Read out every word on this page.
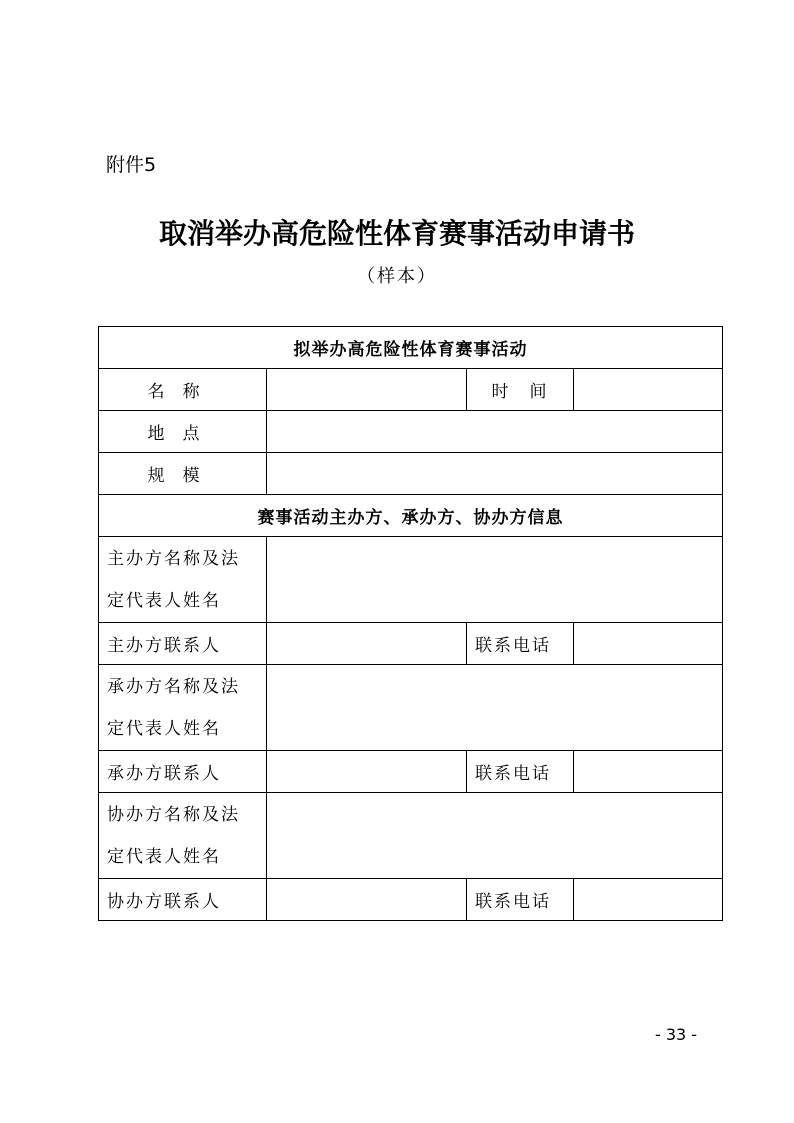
附件5
取消举办高危险性体育赛事活动申请书
（样本）
拟举办高危险性体育赛事活动			
名称		时　间	
地点			
规模			
赛事活动主办方、承办方、协办方信息			
主办方名称及法定代表人姓名			
主办方联系人		联系电话	
承办方名称及法定代表人姓名			
承办方联系人		联系电话	
协办方名称及法定代表人姓名			
协办方联系人		联系电话	
- 33 -
